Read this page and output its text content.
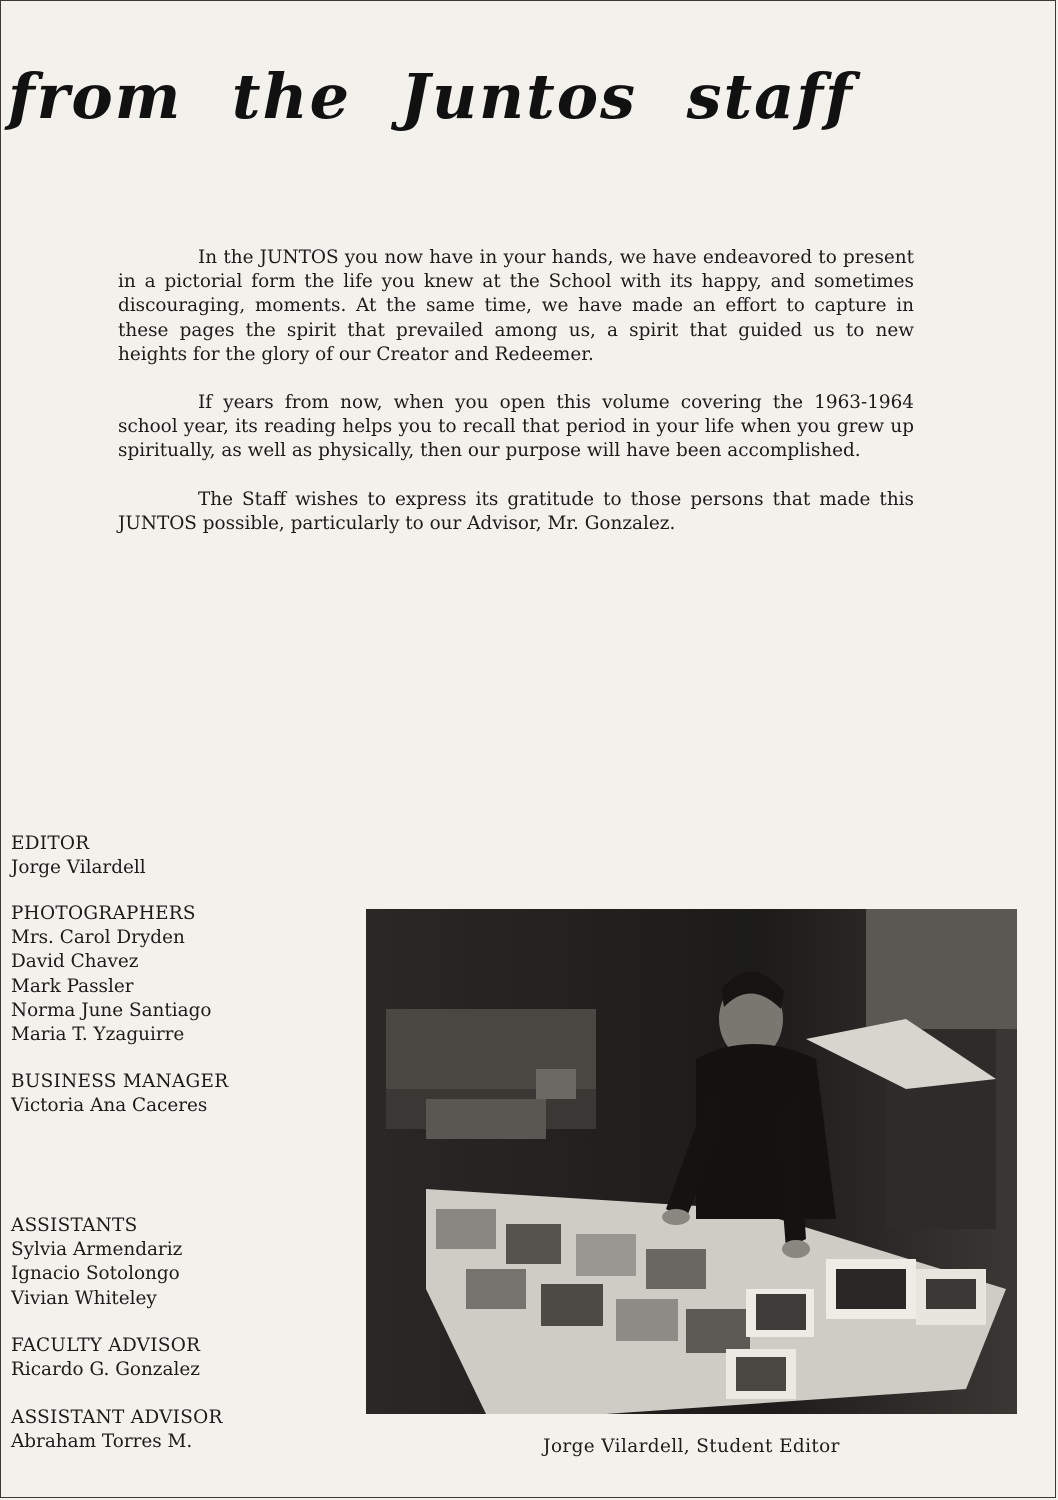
from the Juntos staff

In the JUNTOS you now have in your hands, we have endeavored to present in a pictorial form the life you knew at the School with its happy, and sometimes discouraging, moments. At the same time, we have made an effort to capture in these pages the spirit that prevailed among us, a spirit that guided us to new heights for the glory of our Creator and Redeemer.

If years from now, when you open this volume covering the 1963-1964 school year, its reading helps you to recall that period in your life when you grew up spiritually, as well as physically, then our purpose will have been accomplished.

The Staff wishes to express its gratitude to those persons that made this JUNTOS possible, particularly to our Advisor, Mr. Gonzalez.

EDITOR
Jorge Vilardell
PHOTOGRAPHERS
Mrs. Carol Dryden
David Chavez
Mark Passler
Norma June Santiago
Maria T. Yzaguirre
BUSINESS MANAGER
Victoria Ana Caceres
ASSISTANTS
Sylvia Armendariz
Ignacio Sotolongo
Vivian Whiteley
FACULTY ADVISOR
Ricardo G. Gonzalez
ASSISTANT ADVISOR
Abraham Torres M.	Jorge Vilardell, Student Editor
